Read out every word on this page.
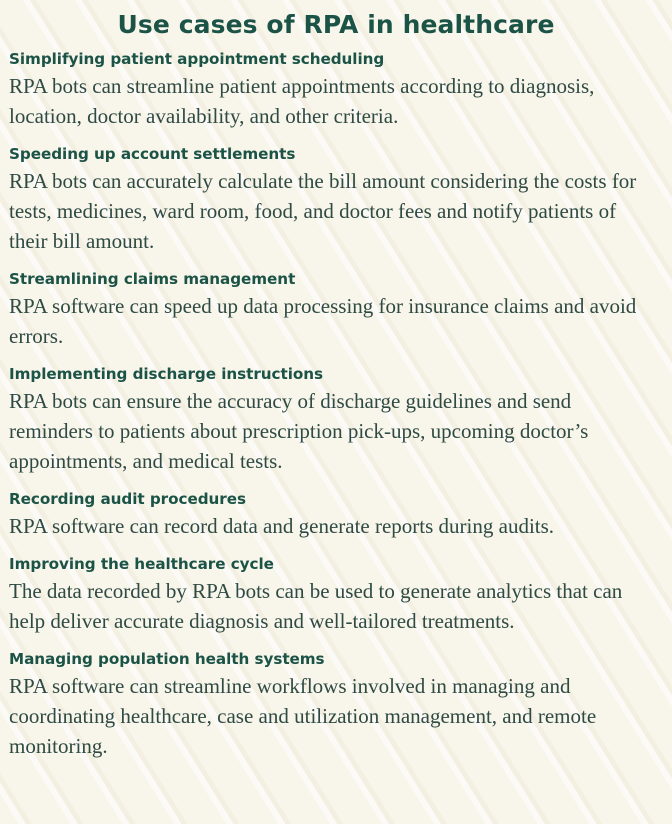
Use cases of RPA in healthcare
Simplifying patient appointment scheduling

RPA bots can streamline patient appointments according to diagnosis, location, doctor availability, and other criteria.

Speeding up account settlements

RPA bots can accurately calculate the bill amount considering the costs for tests, medicines, ward room, food, and doctor fees and notify patients of their bill amount.

Streamlining claims management

RPA software can speed up data processing for insurance claims and avoid errors.

Implementing discharge instructions

RPA bots can ensure the accuracy of discharge guidelines and send reminders to patients about prescription pick-ups, upcoming doctor’s appointments, and medical tests.

Recording audit procedures

RPA software can record data and generate reports during audits.

Improving the healthcare cycle

The data recorded by RPA bots can be used to generate analytics that can help deliver accurate diagnosis and well-tailored treatments.

Managing population health systems

RPA software can streamline workflows involved in managing and coordinating healthcare, case and utilization management, and remote monitoring.
